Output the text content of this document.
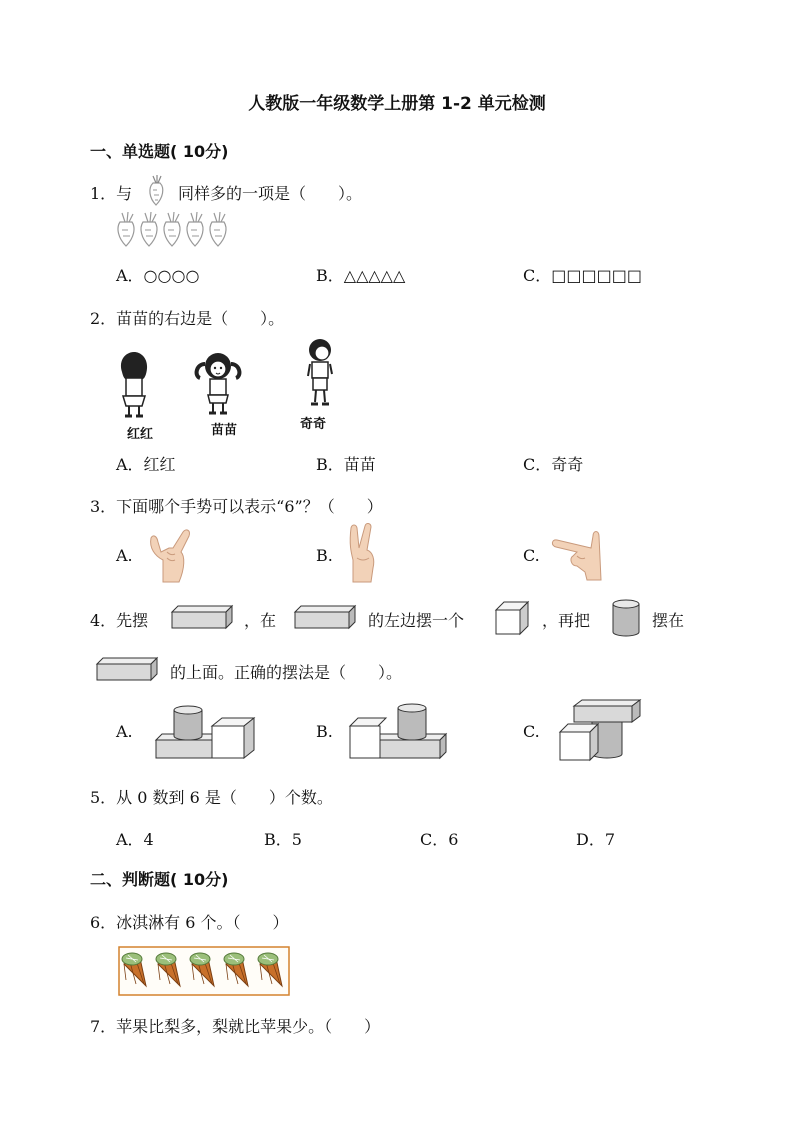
人教版一年级数学上册第 1-2 单元检测
一、单选题( 10分)
1．与	同样多的一项是（　　）。
A．○○○○	B．△△△△△	C．□□□□□□
2．苗苗的右边是（　　）。
红红	苗苗	奇奇
A．红红	B．苗苗	C．奇奇
3．下面哪个手势可以表示“6”？（　　）
A.	B.	C.
4．先摆	，在	的左边摆一个	，再把	摆在
的上面。正确的摆法是（　　）。
A.	B.	C.
5．从 0 数到 6 是（　　）个数。
A．4	B．5	C．6	D．7
二、判断题( 10分)
6．冰淇淋有 6 个。（　　）
7．苹果比梨多，梨就比苹果少。（　　）
